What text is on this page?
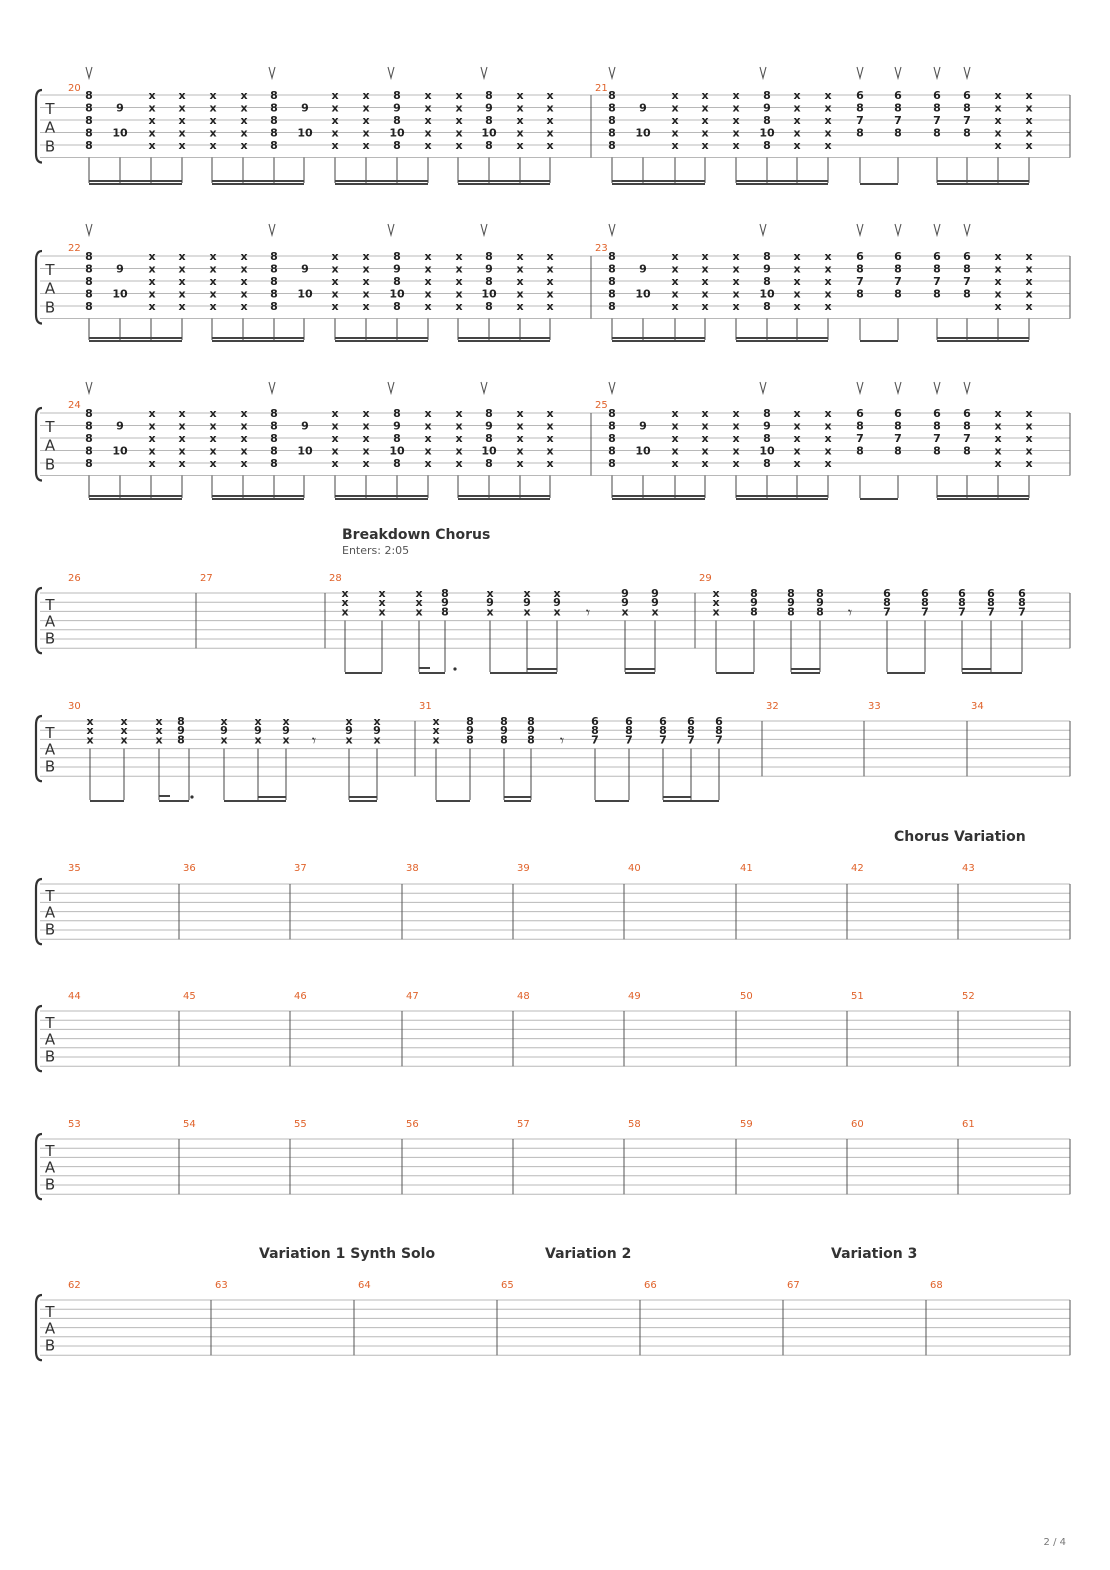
T
A
B
20	21
8
8
8
8
8
9
10
x
x
x
x
x
x
x
x
x
x
x
x
x
x
x
x
x
x
x
x
8
8
8
8
8
9
10
x
x
x
x
x
x
x
x
x
x
8
9
8
10
8
x
x
x
x
x
x
x
x
x
x
8
9
8
10
8
x
x
x
x
x
x
x
x
x
x
8
8
8
8
8
9
10
x
x
x
x
x
x
x
x
x
x
x
x
x
x
x
8
9
8
10
8
x
x
x
x
x
x
x
x
x
x
6
8
7
8
6
8
7
8
6
8
7
8
6
8
7
8
x
x
x
x
x
x
x
x
x
x
T
A
B
22	23
8
8
8
8
8
9
10
x
x
x
x
x
x
x
x
x
x
x
x
x
x
x
x
x
x
x
x
8
8
8
8
8
9
10
x
x
x
x
x
x
x
x
x
x
8
9
8
10
8
x
x
x
x
x
x
x
x
x
x
8
9
8
10
8
x
x
x
x
x
x
x
x
x
x
8
8
8
8
8
9
10
x
x
x
x
x
x
x
x
x
x
x
x
x
x
x
8
9
8
10
8
x
x
x
x
x
x
x
x
x
x
6
8
7
8
6
8
7
8
6
8
7
8
6
8
7
8
x
x
x
x
x
x
x
x
x
x
T
A
B
24	25
8
8
8
8
8
9
10
x
x
x
x
x
x
x
x
x
x
x
x
x
x
x
x
x
x
x
x
8
8
8
8
8
9
10
x
x
x
x
x
x
x
x
x
x
8
9
8
10
8
x
x
x
x
x
x
x
x
x
x
8
9
8
10
8
x
x
x
x
x
x
x
x
x
x
8
8
8
8
8
9
10
x
x
x
x
x
x
x
x
x
x
x
x
x
x
x
8
9
8
10
8
x
x
x
x
x
x
x
x
x
x
6
8
7
8
6
8
7
8
6
8
7
8
6
8
7
8
x
x
x
x
x
x
x
x
x
x
T
A
B
26	27	28	29
x
x
x
x
x
x
x
x
x
8
9
8
x
9
x
x
9
x
x
9
x
9
9
x
9
9
x
x
x
x
8
9
8
8
9
8
8
9
8
6
8
7
6
8
7
6
8
7
6
8
7
6
8
7
𝄾	𝄾
T
A
B
30	31	32	33	34
x
x
x
x
x
x
x
x
x
8
9
8
x
9
x
x
9
x
x
9
x
x
9
x
x
9
x
x
x
x
8
9
8
8
9
8
8
9
8
6
8
7
6
8
7
6
8
7
6
8
7
6
8
7
𝄾	𝄾
T
A
B
35	36	37	38	39	40	41	42	43
T
A
B
44	45	46	47	48	49	50	51	52
T
A
B
53	54	55	56	57	58	59	60	61
T
A
B
62	63	64	65	66	67	68
Breakdown Chorus
Enters: 2:05
Chorus Variation
Variation 1 Synth Solo	Variation 2	Variation 3
2 / 4
